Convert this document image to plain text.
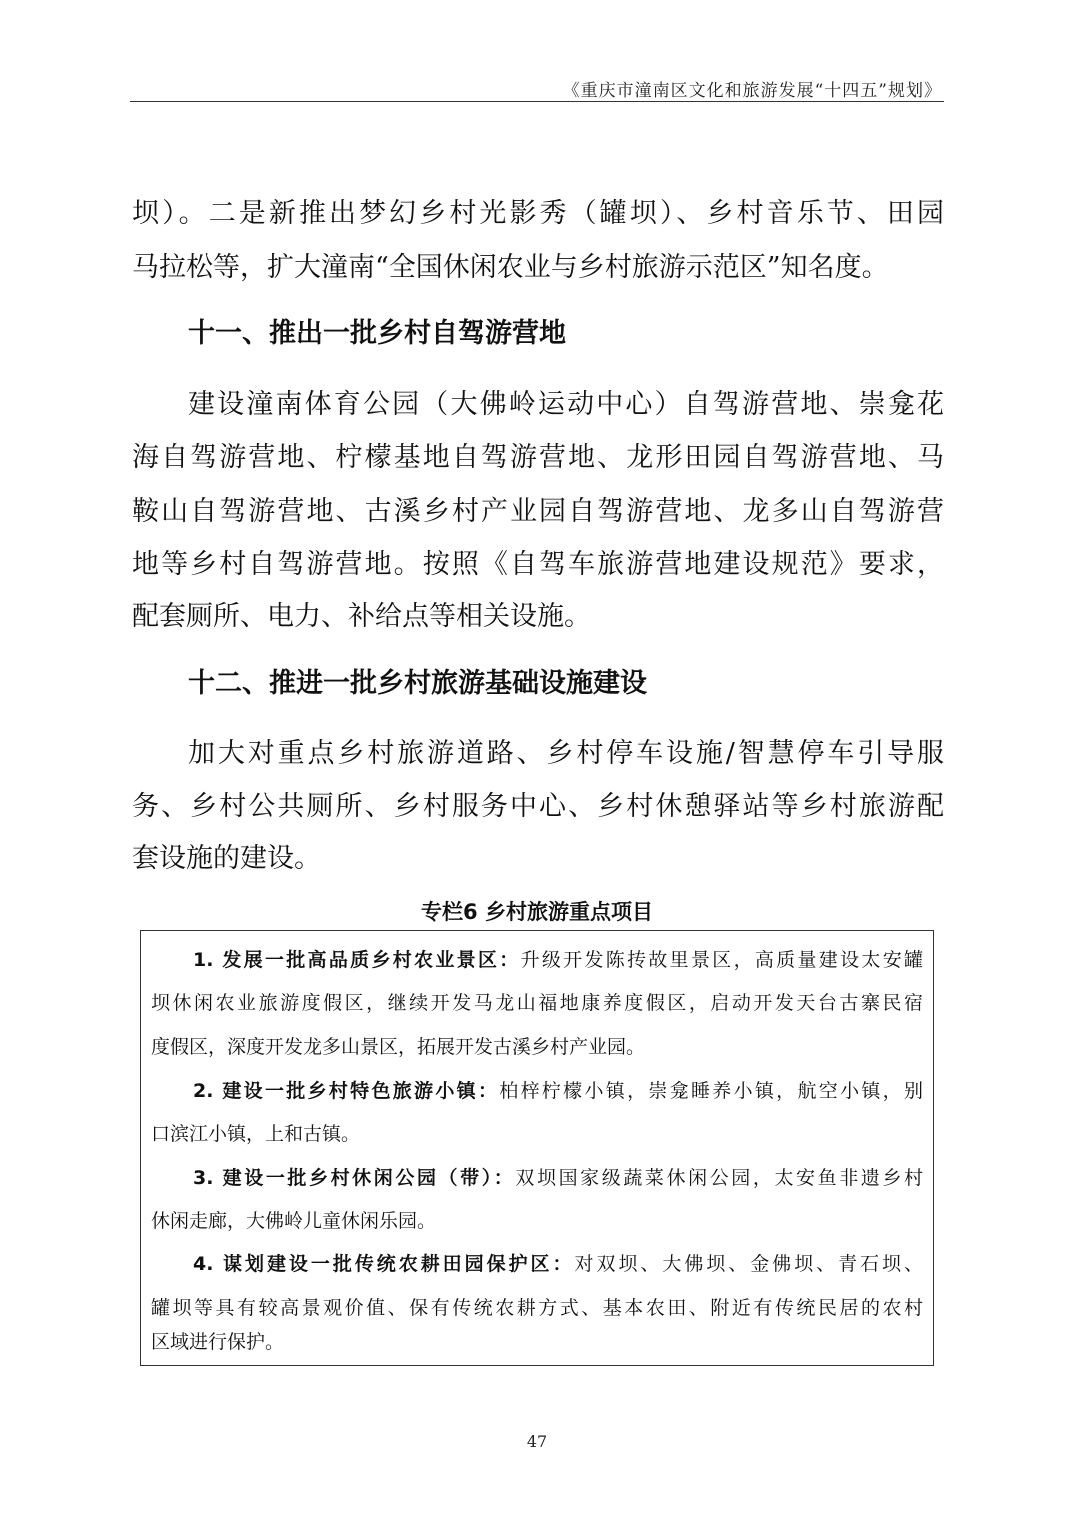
《重庆市潼南区文化和旅游发展“十四五”规划》
坝）。二是新推出梦幻乡村光影秀（罐坝）、乡村音乐节、田园
马拉松等，扩大潼南“全国休闲农业与乡村旅游示范区”知名度。
十一、推出一批乡村自驾游营地
建设潼南体育公园（大佛岭运动中心）自驾游营地、崇龛花
海自驾游营地、柠檬基地自驾游营地、龙形田园自驾游营地、马
鞍山自驾游营地、古溪乡村产业园自驾游营地、龙多山自驾游营
地等乡村自驾游营地。按照《自驾车旅游营地建设规范》要求，
配套厕所、电力、补给点等相关设施。
十二、推进一批乡村旅游基础设施建设
加大对重点乡村旅游道路、乡村停车设施/智慧停车引导服
务、乡村公共厕所、乡村服务中心、乡村休憩驿站等乡村旅游配
套设施的建设。
专栏6 乡村旅游重点项目
1. 发展一批高品质乡村农业景区：升级开发陈抟故里景区，高质量建设太安罐
坝休闲农业旅游度假区，继续开发马龙山福地康养度假区，启动开发天台古寨民宿
度假区，深度开发龙多山景区，拓展开发古溪乡村产业园。
2. 建设一批乡村特色旅游小镇：柏梓柠檬小镇，崇龛睡养小镇，航空小镇，别
口滨江小镇，上和古镇。
3. 建设一批乡村休闲公园（带）：双坝国家级蔬菜休闲公园，太安鱼非遗乡村
休闲走廊，大佛岭儿童休闲乐园。
4. 谋划建设一批传统农耕田园保护区：对双坝、大佛坝、金佛坝、青石坝、
罐坝等具有较高景观价值、保有传统农耕方式、基本农田、附近有传统民居的农村
区域进行保护。
47
